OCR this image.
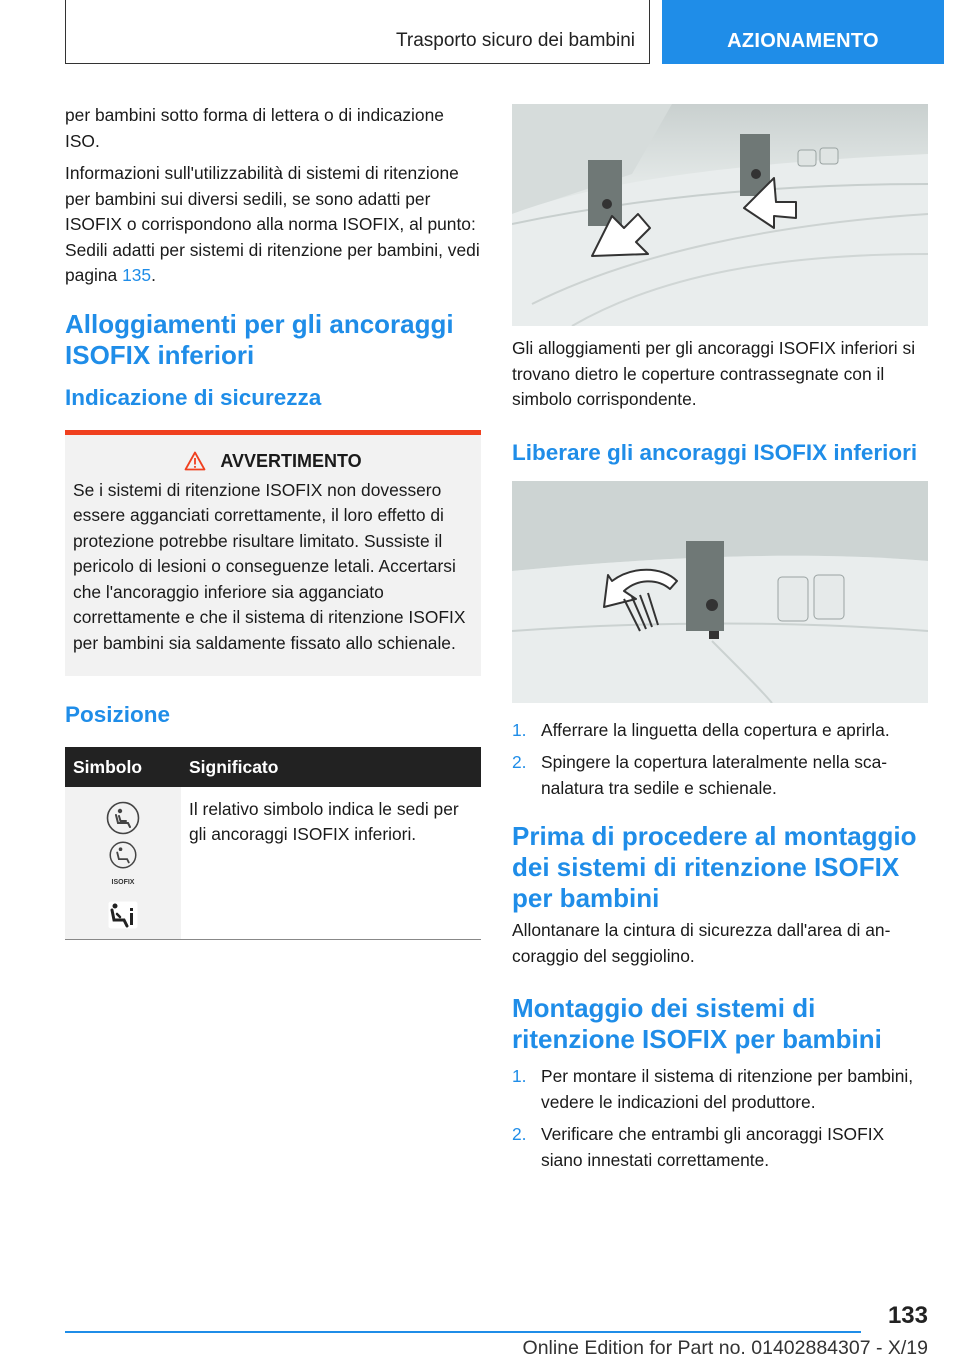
Trasporto sicuro dei bambini	AZIONAMENTO

per bambini sotto forma di lettera o di indicazione ISO.

Informazioni sull'utilizzabilità di sistemi di ritenzione per bambini sui diversi sedili, se sono adatti per ISOFIX o corrispondono alla norma ISOFIX, al punto: Sedili adatti per sistemi di ritenzione per bambini, vedi pagina 135.

Alloggiamenti per gli ancoraggi ISOFIX inferiori
Indicazione di sicurezza
AVVERTIMENTO

Se i sistemi di ritenzione ISOFIX non dovessero essere agganciati correttamente, il loro effetto di protezione potrebbe risultare limitato. Sussiste il pericolo di lesioni o conseguenze letali. Accertarsi che l'ancoraggio inferiore sia agganciato correttamente e che il sistema di ritenzione ISOFIX per bambini sia saldamente fissato allo schienale.

Posizione
Simbolo	Significato

ISOFIX	Il relativo simbolo indica le sedi per gli ancoraggi ISOFIX inferiori.

Gli alloggiamenti per gli ancoraggi ISOFIX inferiori si trovano dietro le coperture contrassegnate con il simbolo corrispondente.

Liberare gli ancoraggi ISOFIX inferiori
1. Afferrare la linguetta della copertura e aprirla.
2. Spingere la copertura lateralmente nella scanalatura tra sedile e schienale.
Prima di procedere al montaggio dei sistemi di ritenzione ISOFIX per bambini

Allontanare la cintura di sicurezza dall'area di ancoraggio del seggiolino.

Montaggio dei sistemi di ritenzione ISOFIX per bambini
1. Per montare il sistema di ritenzione per bambini, vedere le indicazioni del produttore.
2. Verificare che entrambi gli ancoraggi ISOFIX siano innestati correttamente.
133
Online Edition for Part no. 01402884307 - X/19
